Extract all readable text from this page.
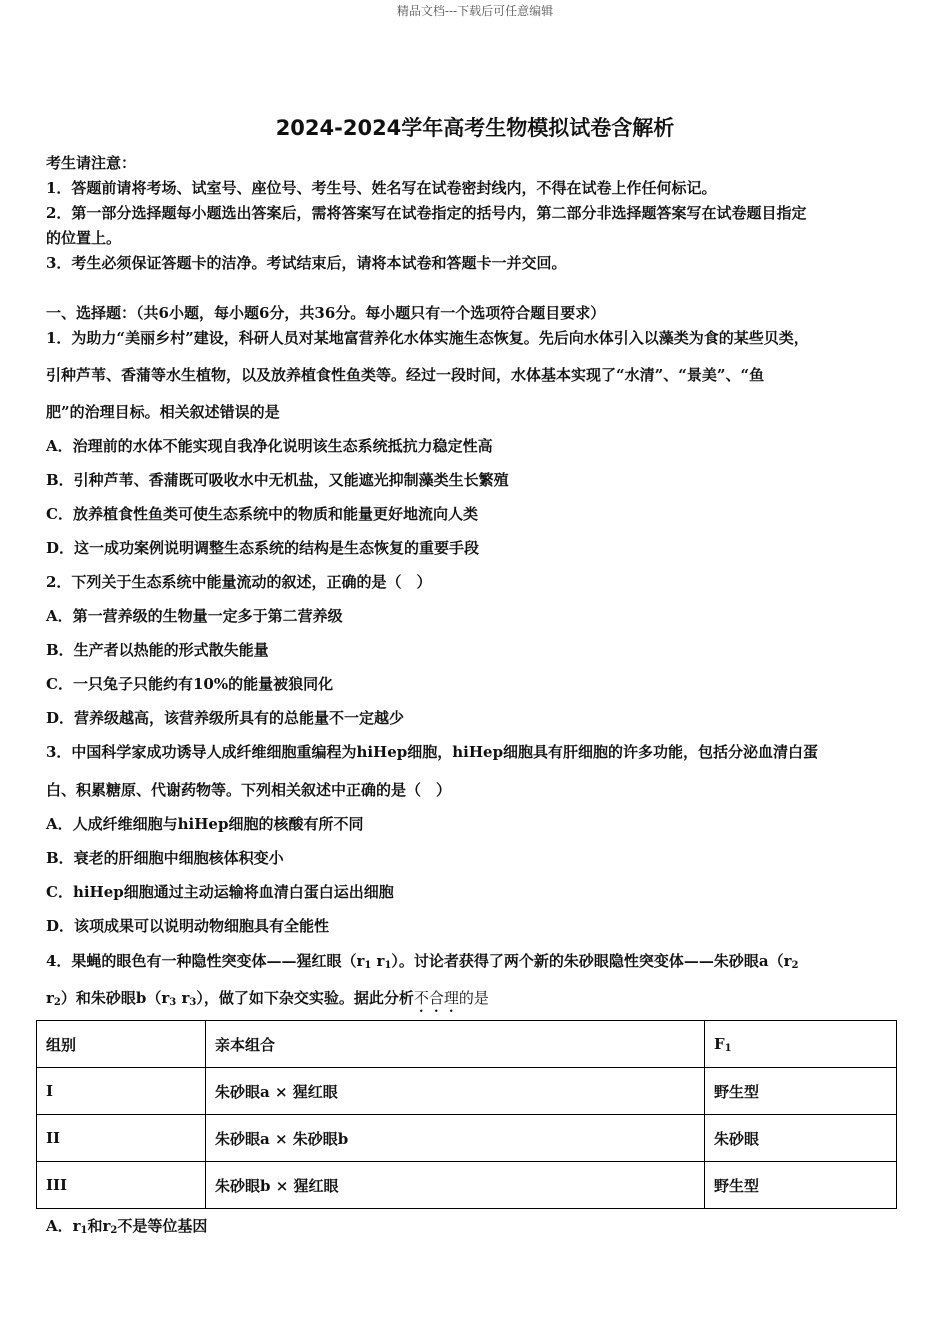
精品文档---下载后可任意编辑
2024-2024学年高考生物模拟试卷含解析
考生请注意：
1．答题前请将考场、试室号、座位号、考生号、姓名写在试卷密封线内，不得在试卷上作任何标记。
2．第一部分选择题每小题选出答案后，需将答案写在试卷指定的括号内，第二部分非选择题答案写在试卷题目指定
的位置上。
3．考生必须保证答题卡的洁净。考试结束后，请将本试卷和答题卡一并交回。
一、选择题：（共6小题，每小题6分，共36分。每小题只有一个选项符合题目要求）
1．为助力“美丽乡村”建设，科研人员对某地富营养化水体实施生态恢复。先后向水体引入以藻类为食的某些贝类，
引种芦苇、香蒲等水生植物，以及放养植食性鱼类等。经过一段时间，水体基本实现了“水清”、“景美”、“鱼
肥”的治理目标。相关叙述错误的是
A．治理前的水体不能实现自我净化说明该生态系统抵抗力稳定性高
B．引种芦苇、香蒲既可吸收水中无机盐，又能遮光抑制藻类生长繁殖
C．放养植食性鱼类可使生态系统中的物质和能量更好地流向人类
D．这一成功案例说明调整生态系统的结构是生态恢复的重要手段
2．下列关于生态系统中能量流动的叙述，正确的是（　）
A．第一营养级的生物量一定多于第二营养级
B．生产者以热能的形式散失能量
C．一只兔子只能约有10%的能量被狼同化
D．营养级越高，该营养级所具有的总能量不一定越少
3．中国科学家成功诱导人成纤维细胞重编程为hiHep细胞，hiHep细胞具有肝细胞的许多功能，包括分泌血清白蛋
白、积累糖原、代谢药物等。下列相关叙述中正确的是（　）
A．人成纤维细胞与hiHep细胞的核酸有所不同
B．衰老的肝细胞中细胞核体积变小
C．hiHep细胞通过主动运输将血清白蛋白运出细胞
D．该项成果可以说明动物细胞具有全能性
4．果蝇的眼色有一种隐性突变体——猩红眼（$r_1$ $r_1$）。讨论者获得了两个新的朱砂眼隐性突变体——朱砂眼$a(r_2$
$r_2$）和朱砂眼$b(r_3$ $r_3$），做了如下杂交实验。据此分析不合理的是
组别	亲本组合	$F_1$
I	朱砂眼a × 猩红眼	野生型
II	朱砂眼a × 朱砂眼b	朱砂眼
III	朱砂眼b × 猩红眼	野生型
A．$r_1$和$r_2$不是等位基因
